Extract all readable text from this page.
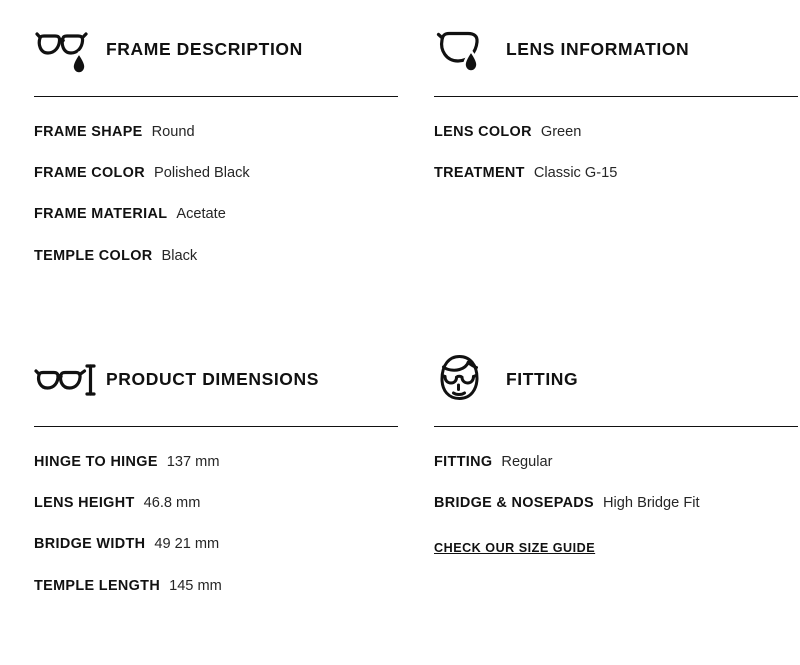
FRAME DESCRIPTION
FRAME SHAPE Round
FRAME COLOR Polished Black
FRAME MATERIAL Acetate
TEMPLE COLOR Black
LENS INFORMATION
LENS COLOR Green
TREATMENT Classic G-15
PRODUCT DIMENSIONS
HINGE TO HINGE 137 mm
LENS HEIGHT 46.8 mm
BRIDGE WIDTH 49 21 mm
TEMPLE LENGTH 145 mm
FITTING
FITTING Regular
BRIDGE & NOSEPADS High Bridge Fit
CHECK OUR SIZE GUIDE
